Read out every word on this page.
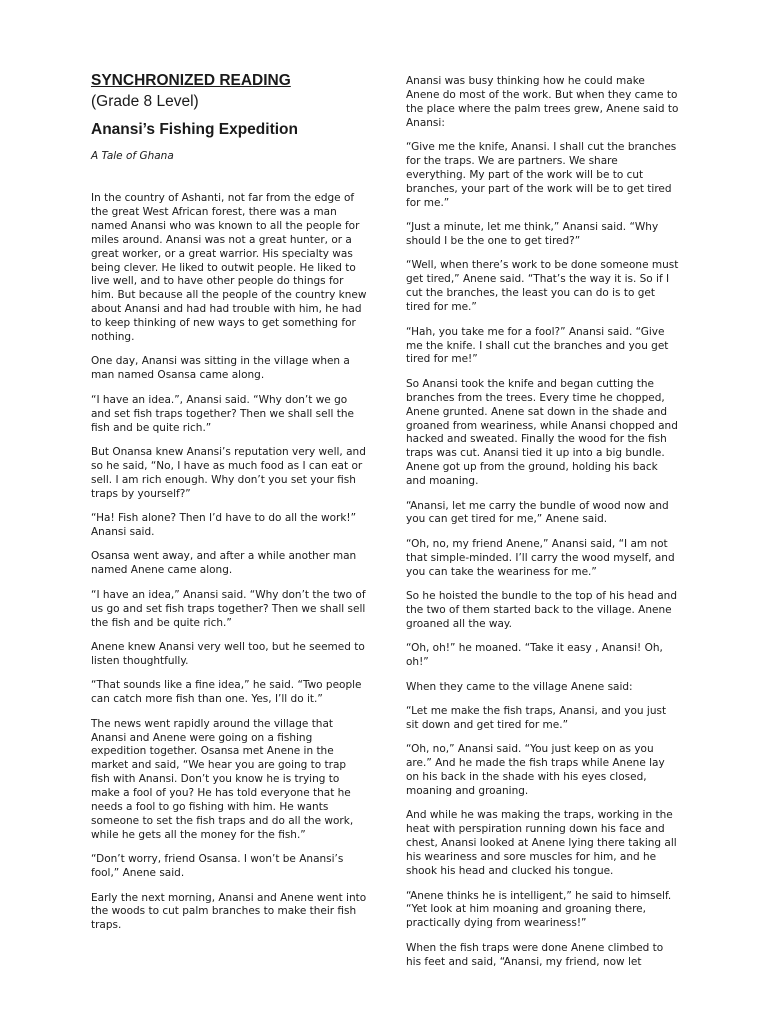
SYNCHRONIZED READING
(Grade 8 Level)
Anansi’s Fishing Expedition
A Tale of Ghana

In the country of Ashanti, not far from the edge of the great West African forest, there was a man named Anansi who was known to all the people for miles around. Anansi was not a great hunter, or a great worker, or a great warrior. His specialty was being clever. He liked to outwit people. He liked to live well, and to have other people do things for him. But because all the people of the country knew about Anansi and had had trouble with him, he had to keep thinking of new ways to get something for nothing.

One day, Anansi was sitting in the village when a man named Osansa came along.

“I have an idea.”, Anansi said. “Why don’t we go and set fish traps together? Then we shall sell the fish and be quite rich.”

But Onansa knew Anansi’s reputation very well, and so he said, “No, I have as much food as I can eat or sell. I am rich enough. Why don’t you set your fish traps by yourself?”

“Ha! Fish alone? Then I’d have to do all the work!” Anansi said.

Osansa went away, and after a while another man named Anene came along.

“I have an idea,” Anansi said. “Why don’t the two of us go and set fish traps together? Then we shall sell the fish and be quite rich.”

Anene knew Anansi very well too, but he seemed to listen thoughtfully.

“That sounds like a fine idea,” he said. “Two people can catch more fish than one. Yes, I’ll do it.”

The news went rapidly around the village that Anansi and Anene were going on a fishing expedition together. Osansa met Anene in the market and said, “We hear you are going to trap fish with Anansi. Don’t you know he is trying to make a fool of you? He has told everyone that he needs a fool to go fishing with him. He wants someone to set the fish traps and do all the work, while he gets all the money for the fish.”

“Don’t worry, friend Osansa. I won’t be Anansi’s fool,” Anene said.

Early the next morning, Anansi and Anene went into the woods to cut palm branches to make their fish traps.

Anansi was busy thinking how he could make Anene do most of the work. But when they came to the place where the palm trees grew, Anene said to Anansi:

“Give me the knife, Anansi. I shall cut the branches for the traps. We are partners. We share everything. My part of the work will be to cut branches, your part of the work will be to get tired for me.”

“Just a minute, let me think,” Anansi said. “Why should I be the one to get tired?”

“Well, when there’s work to be done someone must get tired,” Anene said. “That’s the way it is. So if I cut the branches, the least you can do is to get tired for me.”

“Hah, you take me for a fool?” Anansi said. “Give me the knife. I shall cut the branches and you get tired for me!”

So Anansi took the knife and began cutting the branches from the trees. Every time he chopped, Anene grunted. Anene sat down in the shade and groaned from weariness, while Anansi chopped and hacked and sweated. Finally the wood for the fish traps was cut. Anansi tied it up into a big bundle. Anene got up from the ground, holding his back and moaning.

“Anansi, let me carry the bundle of wood now and you can get tired for me,” Anene said.

“Oh, no, my friend Anene,” Anansi said, “I am not that simple-minded. I’ll carry the wood myself, and you can take the weariness for me.”

So he hoisted the bundle to the top of his head and the two of them started back to the village. Anene groaned all the way.

“Oh, oh!” he moaned. “Take it easy , Anansi! Oh, oh!”

When they came to the village Anene said:

“Let me make the fish traps, Anansi, and you just sit down and get tired for me.”

“Oh, no,” Anansi said. “You just keep on as you are.” And he made the fish traps while Anene lay on his back in the shade with his eyes closed, moaning and groaning.

And while he was making the traps, working in the heat with perspiration running down his face and chest, Anansi looked at Anene lying there taking all his weariness and sore muscles for him, and he shook his head and clucked his tongue.

“Anene thinks he is intelligent,” he said to himself. “Yet look at him moaning and groaning there, practically dying from weariness!”

When the fish traps were done Anene climbed to his feet and said, “Anansi, my friend, now let
